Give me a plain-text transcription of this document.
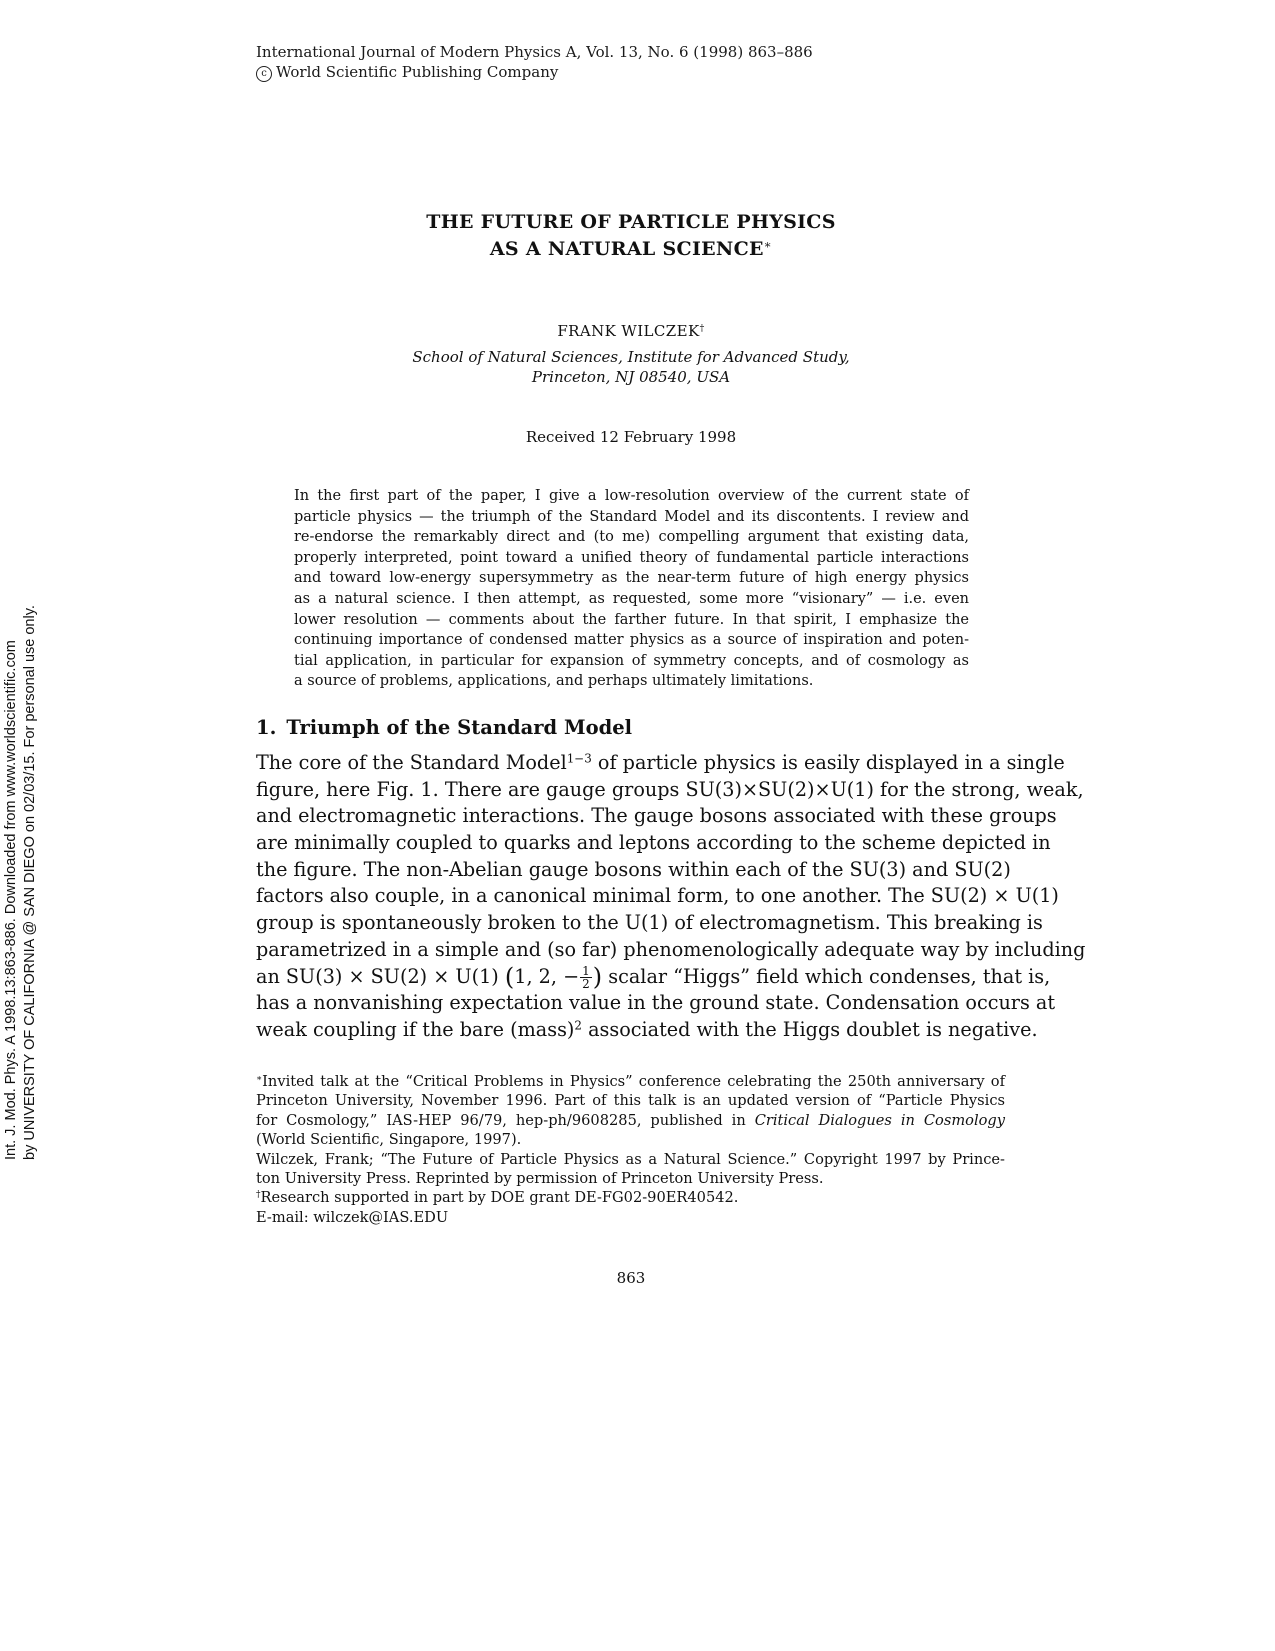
International Journal of Modern Physics A, Vol. 13, No. 6 (1998) 863–886
c World Scientific Publishing Company
THE FUTURE OF PARTICLE PHYSICS
AS A NATURAL SCIENCE∗
FRANK WILCZEK†
School of Natural Sciences, Institute for Advanced Study,
Princeton, NJ 08540, USA
Received 12 February 1998
In the first part of the paper, I give a low-resolution overview of the current state of
particle physics — the triumph of the Standard Model and its discontents. I review and
re-endorse the remarkably direct and (to me) compelling argument that existing data,
properly interpreted, point toward a unified theory of fundamental particle interactions
and toward low-energy supersymmetry as the near-term future of high energy physics
as a natural science. I then attempt, as requested, some more “visionary” — i.e. even
lower resolution — comments about the farther future. In that spirit, I emphasize the
continuing importance of condensed matter physics as a source of inspiration and poten-
tial application, in particular for expansion of symmetry concepts, and of cosmology as
a source of problems, applications, and perhaps ultimately limitations.
1. Triumph of the Standard Model
The core of the Standard Model$^{1-3}$ of particle physics is easily displayed in a single
figure, here Fig. 1. There are gauge groups SU(3)×SU(2)×U(1) for the strong, weak,
and electromagnetic interactions. The gauge bosons associated with these groups
are minimally coupled to quarks and leptons according to the scheme depicted in
the figure. The non-Abelian gauge bosons within each of the SU(3) and SU(2)
factors also couple, in a canonical minimal form, to one another. The SU(2) × U(1)
group is spontaneously broken to the U(1) of electromagnetism. This breaking is
parametrized in a simple and (so far) phenomenologically adequate way by including
an SU(3) × SU(2) × U(1) (1, 2, − $\frac{1}{2}$ ) scalar “Higgs” field which condenses, that is,
has a nonvanishing expectation value in the ground state. Condensation occurs at
weak coupling if the bare (mass)$^2$ associated with the Higgs doublet is negative.
∗Invited talk at the “Critical Problems in Physics” conference celebrating the 250th anniversary of
Princeton University, November 1996. Part of this talk is an updated version of “Particle Physics
for Cosmology,” IAS-HEP 96/79, hep-ph/9608285, published in Critical Dialogues in Cosmology
(World Scientific, Singapore, 1997).
Wilczek, Frank; “The Future of Particle Physics as a Natural Science.” Copyright 1997 by Prince-
ton University Press. Reprinted by permission of Princeton University Press.
†Research supported in part by DOE grant DE-FG02-90ER40542.
E-mail: wilczek@IAS.EDU
863
Int. J. Mod. Phys. A 1998.13:863-886. Downloaded from www.worldscientific.com by UNIVERSITY OF CALIFORNIA @ SAN DIEGO on 02/03/15. For personal use only.
